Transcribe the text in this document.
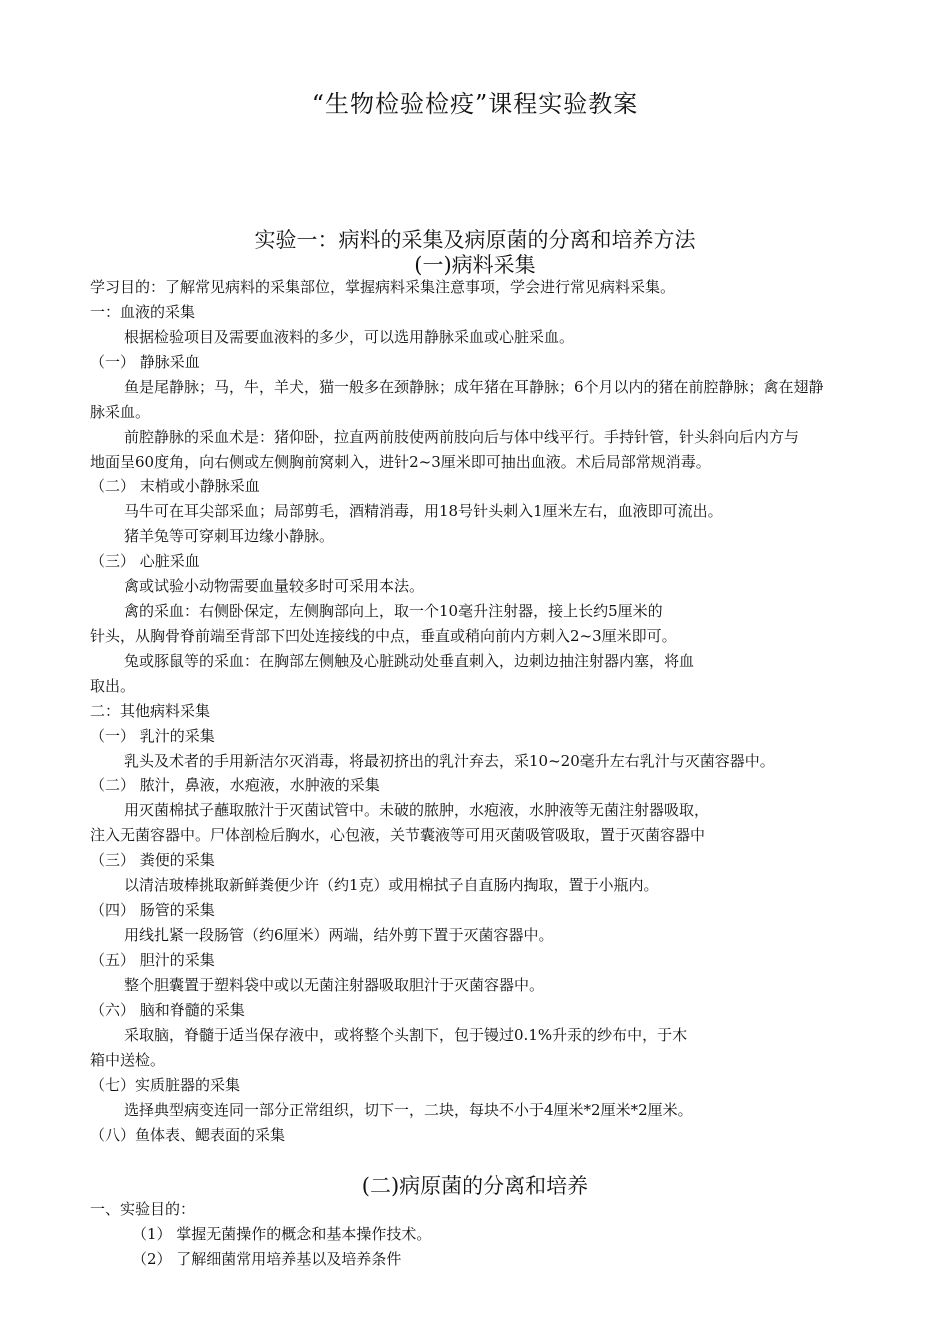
“生物检验检疫”课程实验教案
实验一：病料的采集及病原菌的分离和培养方法
(一)病料采集

学习目的：了解常见病料的采集部位，掌握病料采集注意事项，学会进行常见病料采集。

一：血液的采集

根据检验项目及需要血液料的多少，可以选用静脉采血或心脏采血。

（一） 静脉采血

鱼是尾静脉；马，牛，羊犬，猫一般多在颈静脉；成年猪在耳静脉；6个月以内的猪在前腔静脉；禽在翅静

脉采血。

前腔静脉的采血术是：猪仰卧，拉直两前肢使两前肢向后与体中线平行。手持针管，针头斜向后内方与

地面呈60度角，向右侧或左侧胸前窝刺入，进针2~3厘米即可抽出血液。术后局部常规消毒。

（二） 末梢或小静脉采血

马牛可在耳尖部采血；局部剪毛，酒精消毒，用18号针头刺入1厘米左右，血液即可流出。

猪羊兔等可穿刺耳边缘小静脉。

（三） 心脏采血

禽或试验小动物需要血量较多时可采用本法。

禽的采血：右侧卧保定，左侧胸部向上，取一个10毫升注射器，接上长约5厘米的

针头，从胸骨脊前端至背部下凹处连接线的中点，垂直或稍向前内方刺入2~3厘米即可。

兔或豚鼠等的采血：在胸部左侧触及心脏跳动处垂直刺入，边刺边抽注射器内塞，将血

取出。

二：其他病料采集

（一） 乳汁的采集

乳头及术者的手用新洁尔灭消毒，将最初挤出的乳汁弃去，采10~20毫升左右乳汁与灭菌容器中。

（二） 脓汁，鼻液，水疱液，水肿液的采集

用灭菌棉拭子蘸取脓汁于灭菌试管中。未破的脓肿，水疱液，水肿液等无菌注射器吸取，

注入无菌容器中。尸体剖检后胸水，心包液，关节囊液等可用灭菌吸管吸取，置于灭菌容器中

（三） 粪便的采集

以清洁玻棒挑取新鲜粪便少许（约1克）或用棉拭子自直肠内掏取，置于小瓶内。

（四） 肠管的采集

用线扎紧一段肠管（约6厘米）两端，结外剪下置于灭菌容器中。

（五） 胆汁的采集

整个胆囊置于塑料袋中或以无菌注射器吸取胆汁于灭菌容器中。

（六） 脑和脊髓的采集

采取脑，脊髓于适当保存液中，或将整个头割下，包于镘过0.1%升汞的纱布中，于木

箱中送检。

（七）实质脏器的采集

选择典型病变连同一部分正常组织，切下一，二块，每块不小于4厘米*2厘米*2厘米。

（八）鱼体表、鳃表面的采集

(二)病原菌的分离和培养

一、实验目的：

（1） 掌握无菌操作的概念和基本操作技术。

（2） 了解细菌常用培养基以及培养条件
